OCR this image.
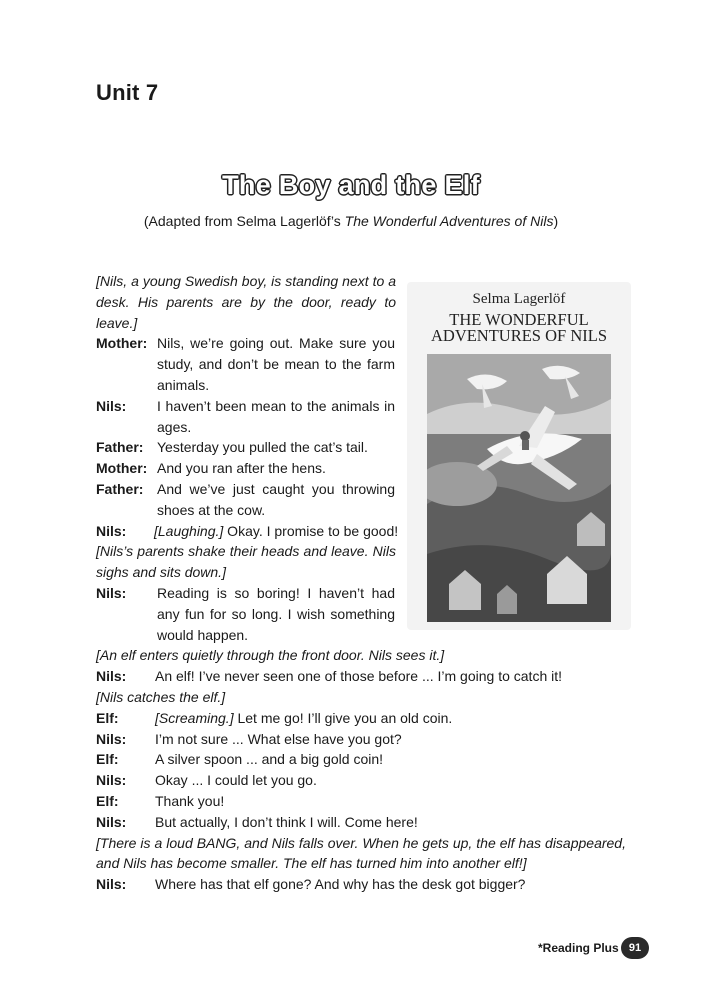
Unit 7
The Boy and the Elf
(Adapted from Selma Lagerlöf’s The Wonderful Adventures of Nils)
Selma Lagerlöf
THE WONDERFUL
ADVENTURES OF NILS
[Nils, a young Swedish boy, is standing next to a desk. His parents are by the door, ready to leave.]
Mother: Nils, we’re going out. Make sure you study, and don’t be mean to the farm animals.
Nils: I haven’t been mean to the animals in ages.
Father: Yesterday you pulled the cat’s tail.
Mother: And you ran after the hens.
Father: And we’ve just caught you throwing shoes at the cow.
Nils: [Laughing.] Okay. I promise to be good!
[Nils’s parents shake their heads and leave. Nils sighs and sits down.]
Nils: Reading is so boring! I haven’t had any fun for so long. I wish something would happen.
[An elf enters quietly through the front door. Nils sees it.]
Nils: An elf! I’ve never seen one of those before ... I’m going to catch it!
[Nils catches the elf.]
Elf:	[Screaming.] Let me go! I’ll give you an old coin.
Nils: I’m not sure ... What else have you got?
Elf:	A silver spoon ... and a big gold coin!
Nils: Okay ... I could let you go.
Elf:	Thank you!
Nils: But actually, I don’t think I will. Come here!
[There is a loud BANG, and Nils falls over. When he gets up, the elf has disappeared, and Nils has become smaller. The elf has turned him into another elf!]
Nils: Where has that elf gone? And why has the desk got bigger?
*Reading Plus 91
